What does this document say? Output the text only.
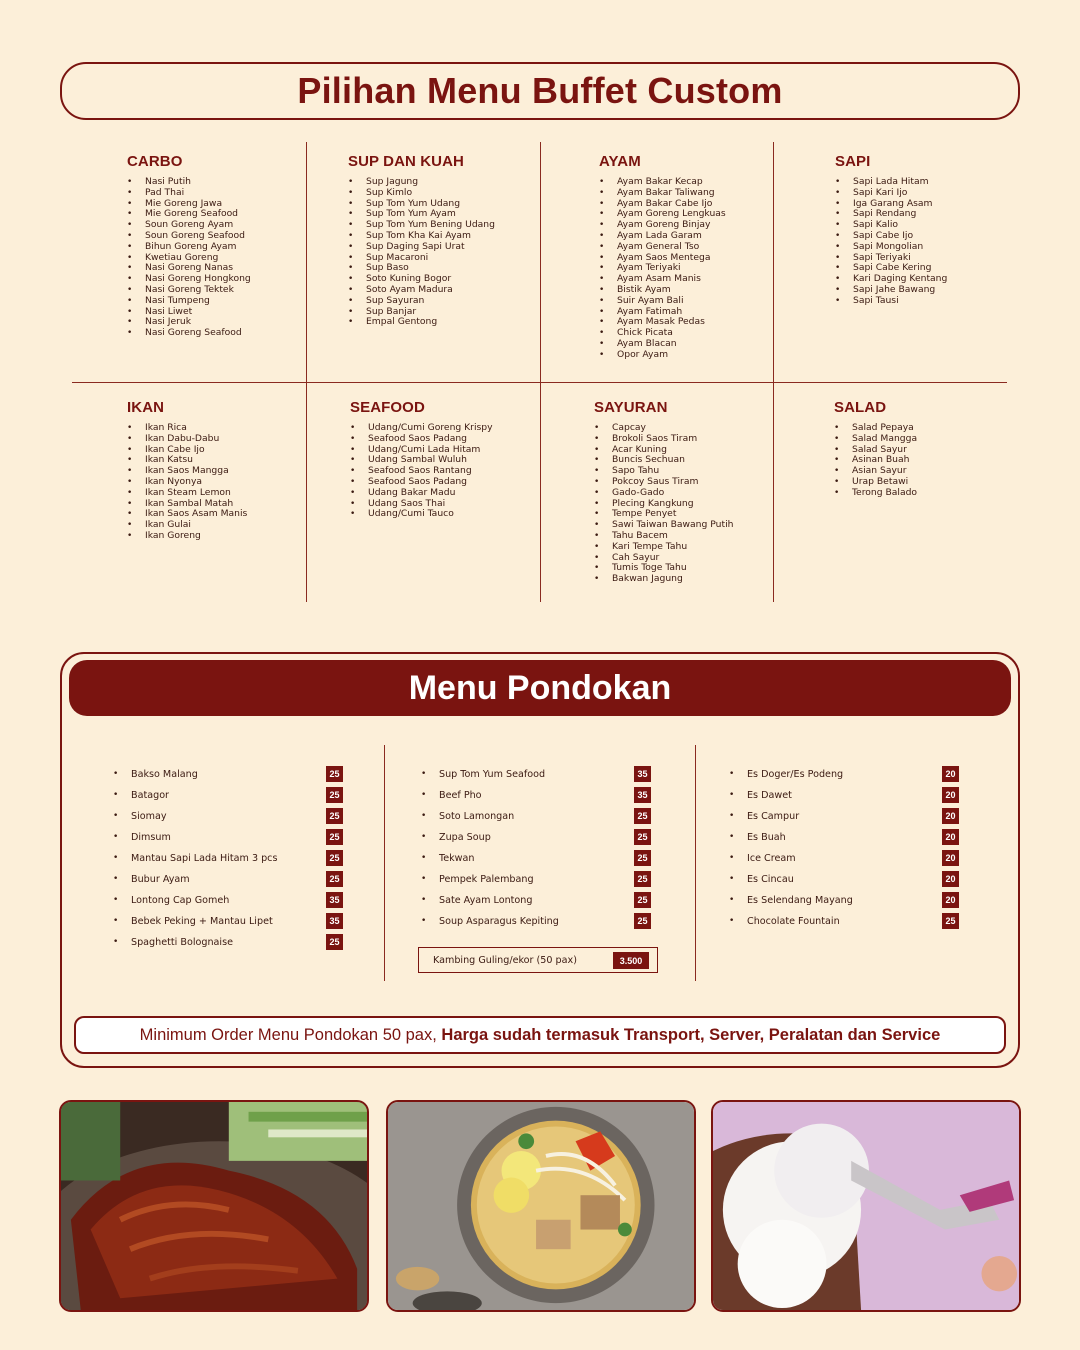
Pilihan Menu Buffet Custom
CARBO
• Nasi Putih
• Pad Thai
• Mie Goreng Jawa
• Mie Goreng Seafood
• Soun Goreng Ayam
• Soun Goreng Seafood
• Bihun Goreng Ayam
• Kwetiau Goreng
• Nasi Goreng Nanas
• Nasi Goreng Hongkong
• Nasi Goreng Tektek
• Nasi Tumpeng
• Nasi Liwet
• Nasi Jeruk
• Nasi Goreng Seafood
SUP DAN KUAH
• Sup Jagung
• Sup Kimlo
• Sup Tom Yum Udang
• Sup Tom Yum Ayam
• Sup Tom Yum Bening Udang
• Sup Tom Kha Kai Ayam
• Sup Daging Sapi Urat
• Sup Macaroni
• Sup Baso
• Soto Kuning Bogor
• Soto Ayam Madura
• Sup Sayuran
• Sup Banjar
• Empal Gentong
AYAM
• Ayam Bakar Kecap
• Ayam Bakar Taliwang
• Ayam Bakar Cabe Ijo
• Ayam Goreng Lengkuas
• Ayam Goreng Binjay
• Ayam Lada Garam
• Ayam General Tso
• Ayam Saos Mentega
• Ayam Teriyaki
• Ayam Asam Manis
• Bistik Ayam
• Suir Ayam Bali
• Ayam Fatimah
• Ayam Masak Pedas
• Chick Picata
• Ayam Blacan
• Opor Ayam
SAPI
• Sapi Lada Hitam
• Sapi Kari Ijo
• Iga Garang Asam
• Sapi Rendang
• Sapi Kalio
• Sapi Cabe Ijo
• Sapi Mongolian
• Sapi Teriyaki
• Sapi Cabe Kering
• Kari Daging Kentang
• Sapi Jahe Bawang
• Sapi Tausi
IKAN
• Ikan Rica
• Ikan Dabu-Dabu
• Ikan Cabe Ijo
• Ikan Katsu
• Ikan Saos Mangga
• Ikan Nyonya
• Ikan Steam Lemon
• Ikan Sambal Matah
• Ikan Saos Asam Manis
• Ikan Gulai
• Ikan Goreng
SEAFOOD
• Udang/Cumi Goreng Krispy
• Seafood Saos Padang
• Udang/Cumi Lada Hitam
• Udang Sambal Wuluh
• Seafood Saos Rantang
• Seafood Saos Padang
• Udang Bakar Madu
• Udang Saos Thai
• Udang/Cumi Tauco
SAYURAN
• Capcay
• Brokoli Saos Tiram
• Acar Kuning
• Buncis Sechuan
• Sapo Tahu
• Pokcoy Saus Tiram
• Gado-Gado
• Plecing Kangkung
• Tempe Penyet
• Sawi Taiwan Bawang Putih
• Tahu Bacem
• Kari Tempe Tahu
• Cah Sayur
• Tumis Toge Tahu
• Bakwan Jagung
SALAD
• Salad Pepaya
• Salad Mangga
• Salad Sayur
• Asinan Buah
• Asian Sayur
• Urap Betawi
• Terong Balado
Menu Pondokan
Kambing Guling/ekor (50 pax)	3.500
Minimum Order Menu Pondokan 50 pax, Harga sudah termasuk Transport, Server, Peralatan dan Service
•	Bakso Malang	25
•	Batagor	25
•	Siomay	25
•	Dimsum	25
•	Mantau Sapi Lada Hitam 3 pcs	25
•	Bubur Ayam	25
•	Lontong Cap Gomeh	35
•	Bebek Peking + Mantau Lipet	35
•	Spaghetti Bolognaise	25
•	Sup Tom Yum Seafood	35
•	Beef Pho	35
•	Soto Lamongan	25
•	Zupa Soup	25
•	Tekwan	25
•	Pempek Palembang	25
•	Sate Ayam Lontong	25
•	Soup Asparagus Kepiting	25
•	Es Doger/Es Podeng	20
•	Es Dawet	20
•	Es Campur	20
•	Es Buah	20
•	Ice Cream	20
•	Es Cincau	20
•	Es Selendang Mayang	20
•	Chocolate Fountain	25
